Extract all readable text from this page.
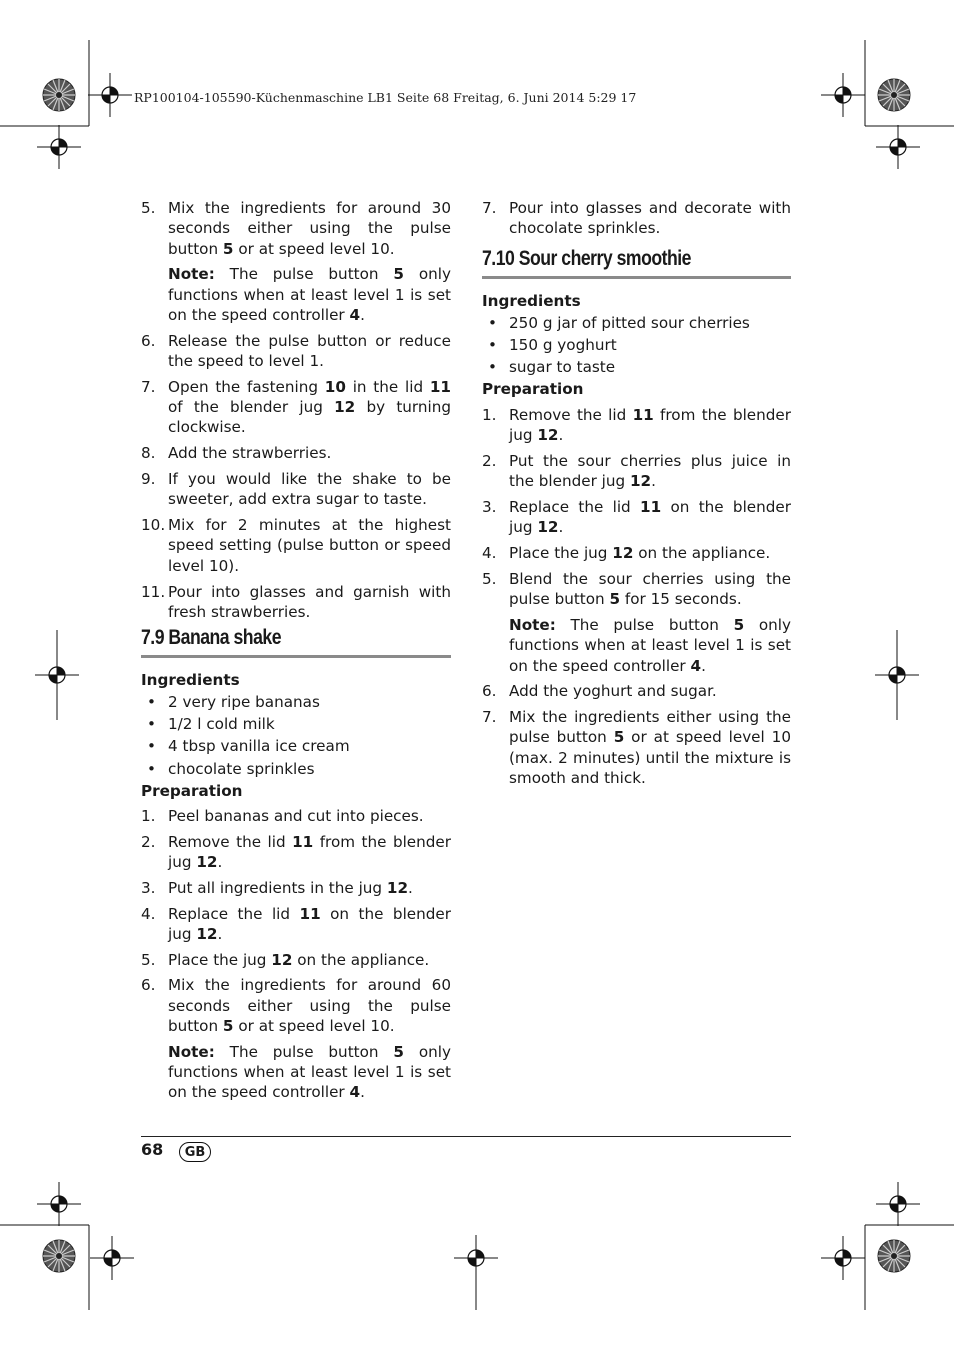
RP100104-105590-Küchenmaschine LB1 Seite 68 Freitag, 6. Juni 2014 5:29 17
5. Mix the ingredients for around 30 seconds either using the pulse button 5 or at speed level 10.
Note: The pulse button 5 only functions when at least level 1 is set on the speed controller 4.
6. Release the pulse button or reduce the speed to level 1.
7. Open the fastening 10 in the lid 11 of the blender jug 12 by turning clockwise.
8. Add the strawberries.
9. If you would like the shake to be sweeter, add extra sugar to taste.
10. Mix for 2 minutes at the highest speed setting (pulse button or speed level 10).
11. Pour into glasses and garnish with fresh strawberries.
7.9 Banana shake
Ingredients
• 2 very ripe bananas
• 1/2 l cold milk
• 4 tbsp vanilla ice cream
• chocolate sprinkles
Preparation
1. Peel bananas and cut into pieces.
2. Remove the lid 11 from the blender jug 12.
3. Put all ingredients in the jug 12.
4. Replace the lid 11 on the blender jug 12.
5. Place the jug 12 on the appliance.
6. Mix the ingredients for around 60 seconds either using the pulse button 5 or at speed level 10.
Note: The pulse button 5 only functions when at least level 1 is set on the speed controller 4.
7. Pour into glasses and decorate with chocolate sprinkles.
7.10 Sour cherry smoothie
Ingredients
• 250 g jar of pitted sour cherries
• 150 g yoghurt
• sugar to taste
Preparation
1. Remove the lid 11 from the blender jug 12.
2. Put the sour cherries plus juice in the blender jug 12.
3. Replace the lid 11 on the blender jug 12.
4. Place the jug 12 on the appliance.
5. Blend the sour cherries using the pulse button 5 for 15 seconds.
Note: The pulse button 5 only functions when at least level 1 is set on the speed controller 4.
6. Add the yoghurt and sugar.
7. Mix the ingredients either using the pulse button 5 or at speed level 10 (max. 2 minutes) until the mixture is smooth and thick.
68	GB
